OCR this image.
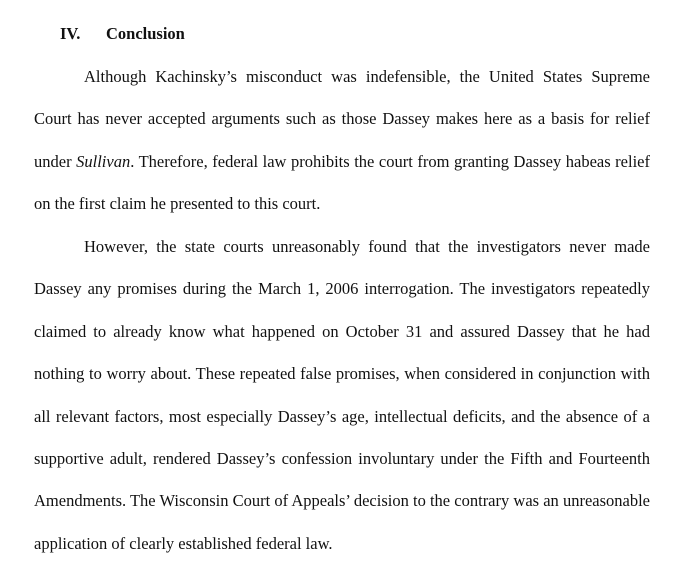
IV. Conclusion

Although Kachinsky’s misconduct was indefensible, the United States Supreme Court has never accepted arguments such as those Dassey makes here as a basis for relief under Sullivan. Therefore, federal law prohibits the court from granting Dassey habeas relief on the first claim he presented to this court.

However, the state courts unreasonably found that the investigators never made Dassey any promises during the March 1, 2006 interrogation. The investigators repeatedly claimed to already know what happened on October 31 and assured Dassey that he had nothing to worry about. These repeated false promises, when considered in conjunction with all relevant factors, most especially Dassey’s age, intellectual deficits, and the absence of a supportive adult, rendered Dassey’s confession involuntary under the Fifth and Fourteenth Amendments. The Wisconsin Court of Appeals’ decision to the contrary was an unreasonable application of clearly established federal law.
